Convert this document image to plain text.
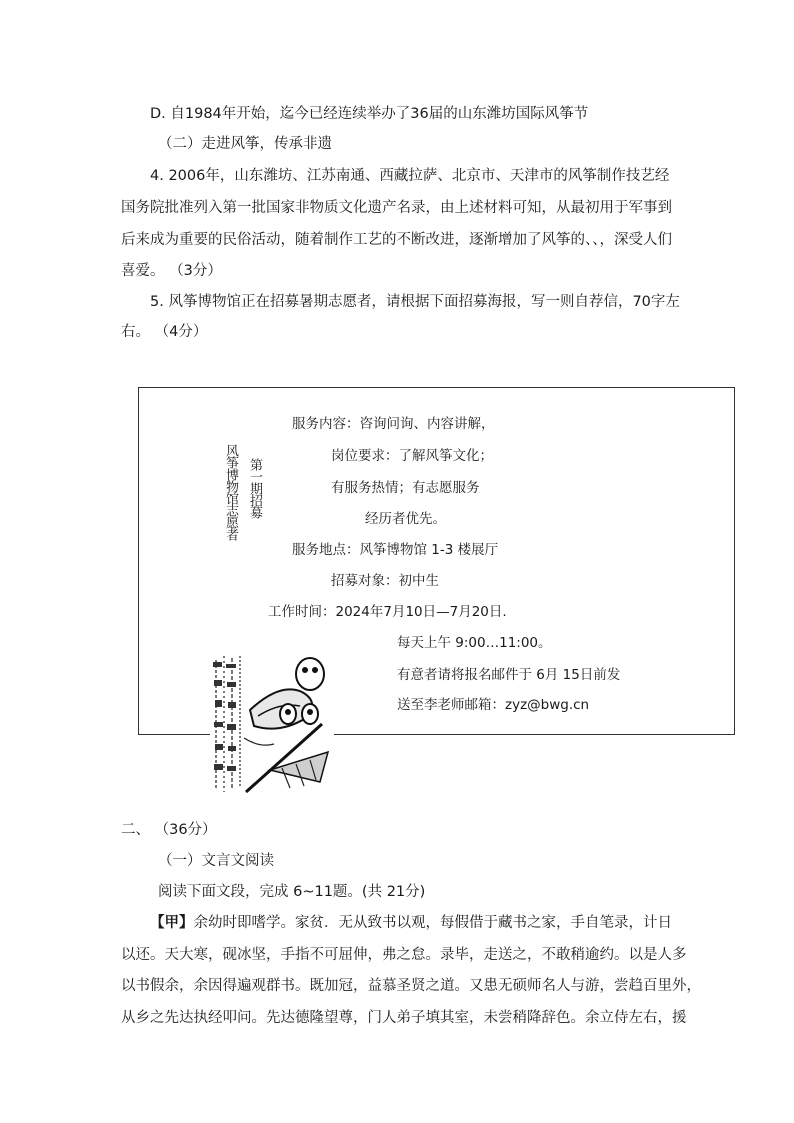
D. 自1984年开始，迄今已经连续举办了36届的山东潍坊国际风筝节
（二）走进风筝，传承非遗
4. 2006年，山东潍坊、江苏南通、西藏拉萨、北京市、天津市的风筝制作技艺经
国务院批准列入第一批国家非物质文化遗产名录，由上述材料可知，从最初用于军事到
后来成为重要的民俗活动，随着制作工艺的不断改进，逐渐增加了风筝的、、，深受人们
喜爱。 （3分）
5. 风筝博物馆正在招募暑期志愿者，请根据下面招募海报，写一则自荐信，70字左
右。 （4分）
风筝博物馆志愿者 第一期招募
服务内容：咨询问询、内容讲解，
岗位要求：了解风筝文化；
有服务热情；有志愿服务
经历者优先。
服务地点：风筝博物馆 1-3 楼展厅
招募对象：初中生
工作时间：2024年7月10日—7月20日.
每天上午 9:00…11:00。
有意者请将报名邮件于 6月 15日前发
送至李老师邮箱：zyz@bwg.cn
二、 （36分）
（一）文言文阅读
阅读下面文段，完成 6~11题。(共 21分)
【甲】余幼时即嗜学。家贫．无从致书以观，每假借于藏书之家，手自笔录，计日
以还。天大寒，砚冰坚，手指不可屈伸，弗之怠。录毕，走送之，不敢稍逾约。以是人多
以书假余，余因得遍观群书。既加冠，益慕圣贤之道。又患无硕师名人与游，尝趋百里外，
从乡之先达执经叩问。先达德隆望尊，门人弟子填其室，未尝稍降辞色。余立侍左右，援
